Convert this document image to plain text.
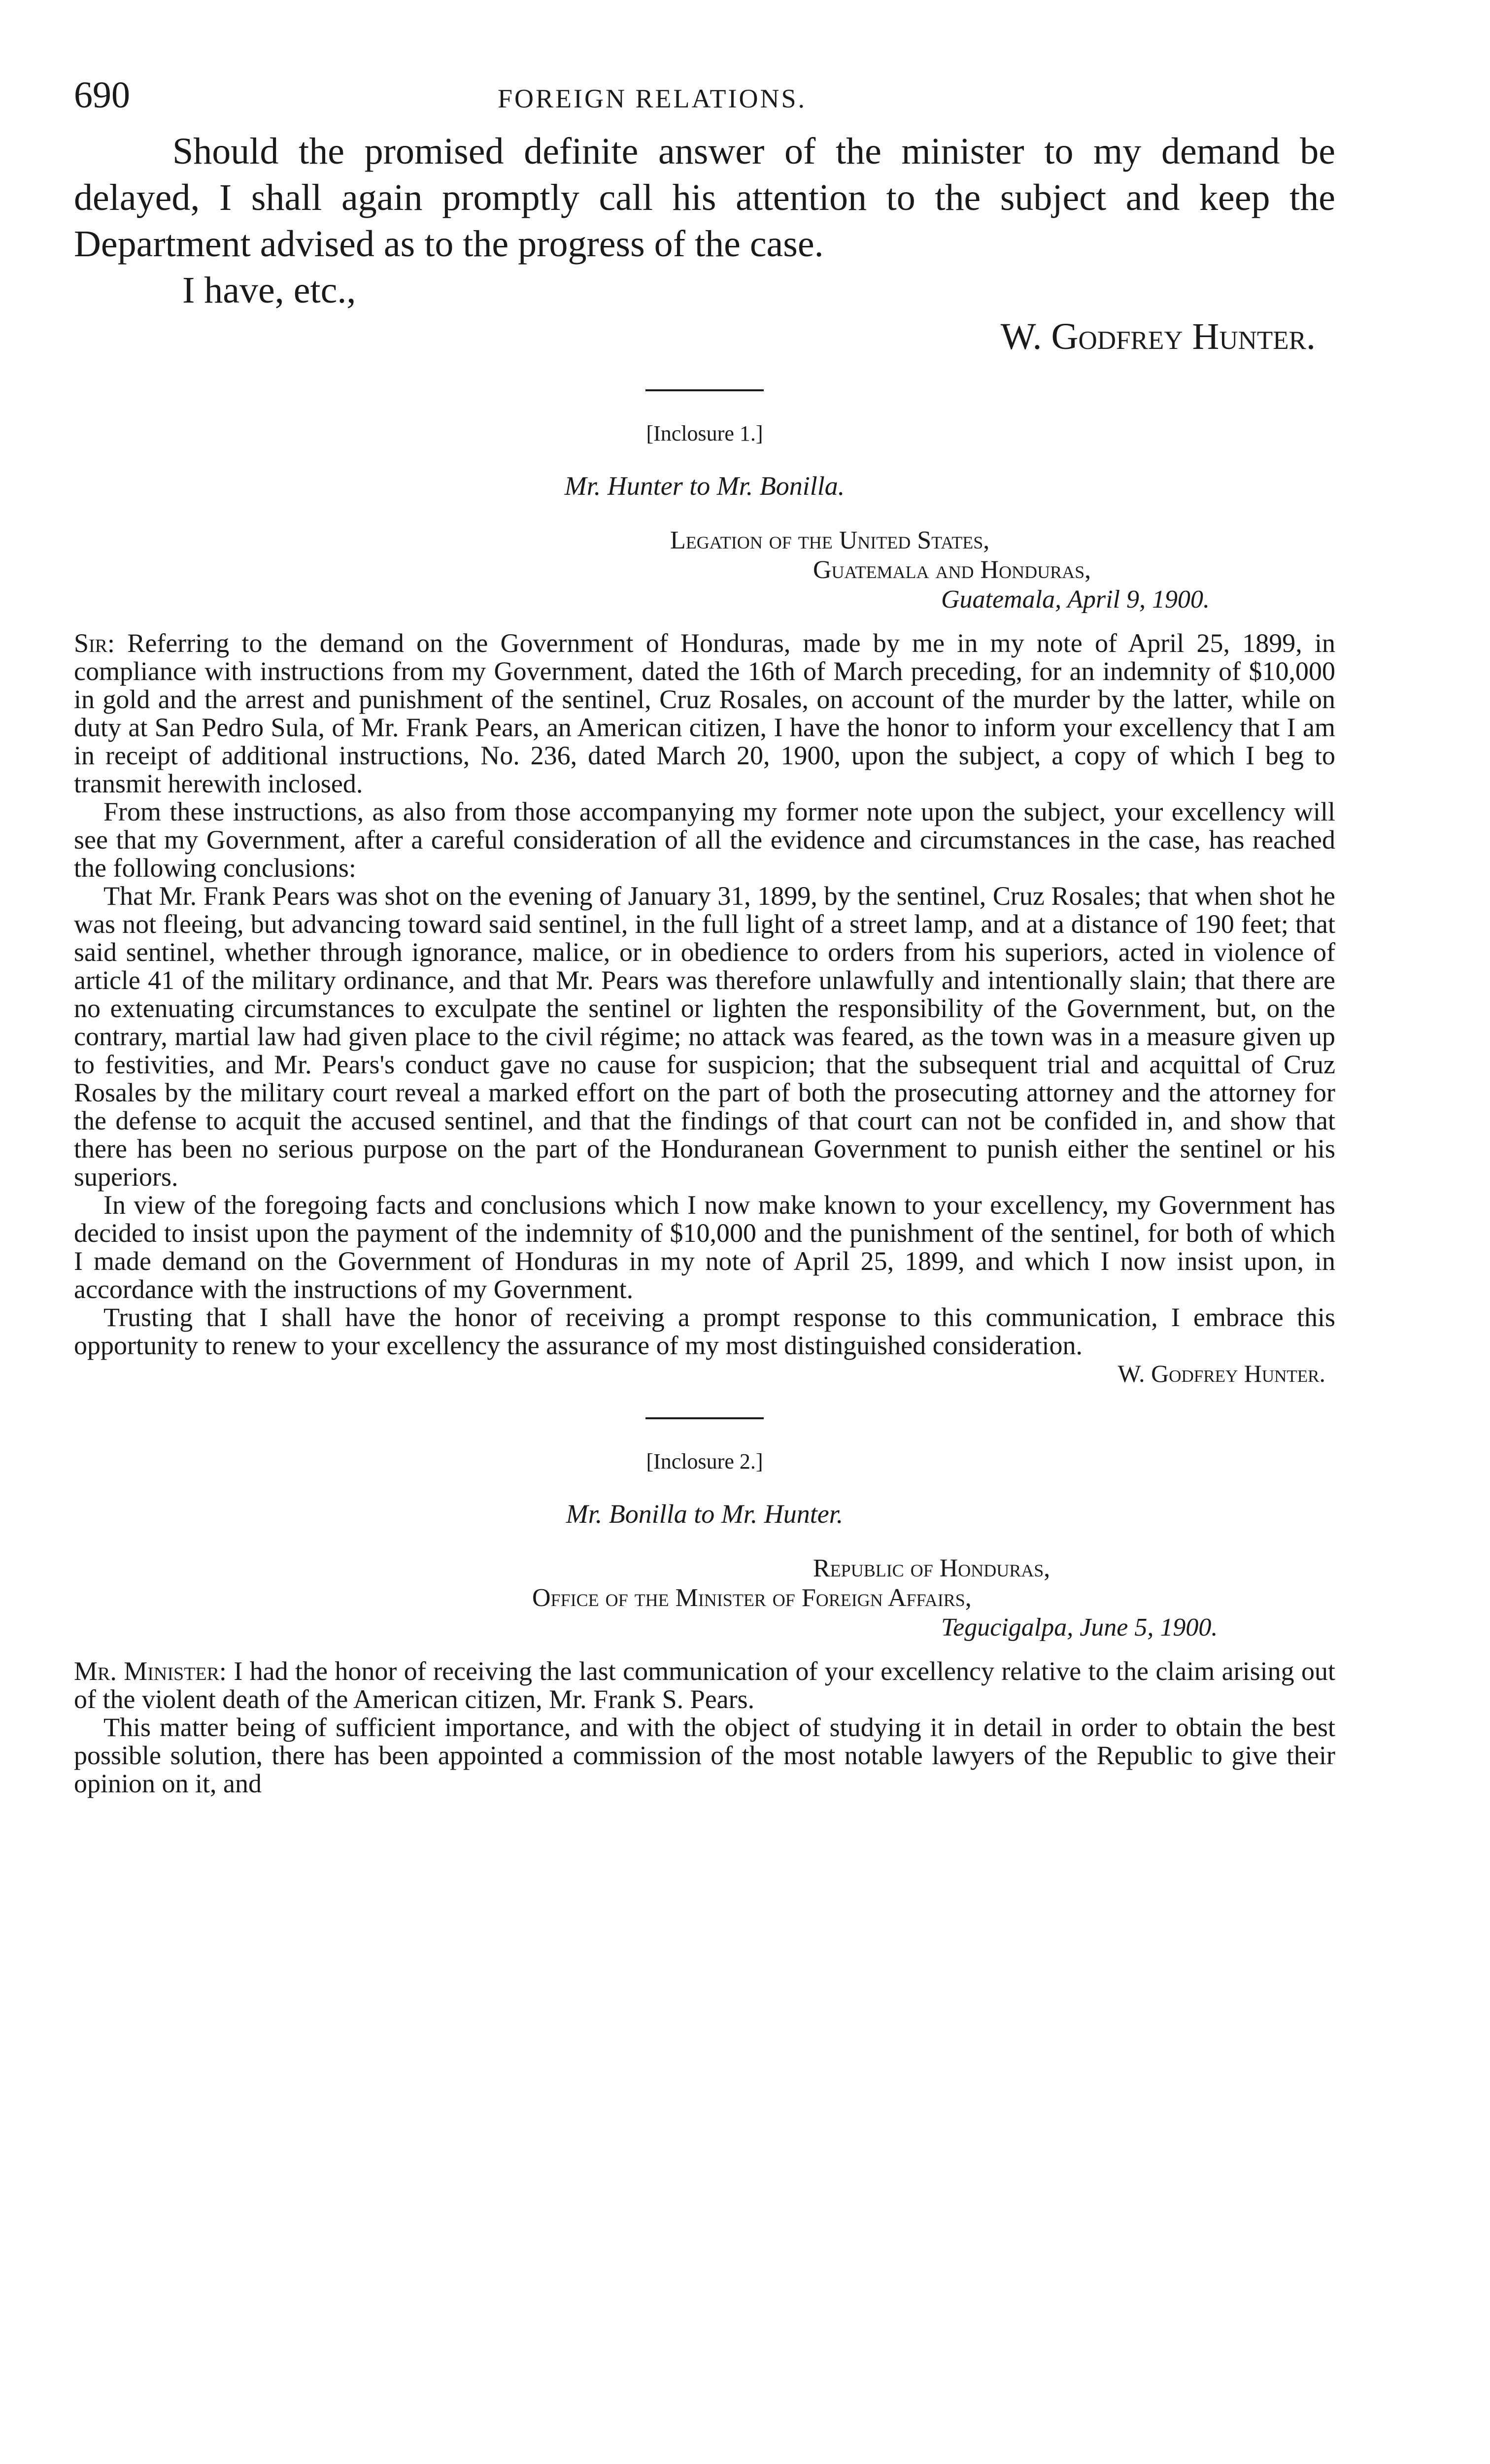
690	FOREIGN RELATIONS.

Should the promised definite answer of the minister to my demand be delayed, I shall again promptly call his attention to the subject and keep the Department advised as to the progress of the case.

I have, etc.,

W. Godfrey Hunter.

[Inclosure 1.]

Mr. Hunter to Mr. Bonilla.

Legation of the United States,

Guatemala and Honduras,

Guatemala, April 9, 1900.

Sir: Referring to the demand on the Government of Honduras, made by me in my note of April 25, 1899, in compliance with instructions from my Government, dated the 16th of March preceding, for an indemnity of $10,000 in gold and the arrest and punishment of the sentinel, Cruz Rosales, on account of the murder by the latter, while on duty at San Pedro Sula, of Mr. Frank Pears, an American citizen, I have the honor to inform your excellency that I am in receipt of additional instructions, No. 236, dated March 20, 1900, upon the subject, a copy of which I beg to transmit herewith inclosed.

From these instructions, as also from those accompanying my former note upon the subject, your excellency will see that my Government, after a careful consideration of all the evidence and circumstances in the case, has reached the following conclusions:

That Mr. Frank Pears was shot on the evening of January 31, 1899, by the sentinel, Cruz Rosales; that when shot he was not fleeing, but advancing toward said sentinel, in the full light of a street lamp, and at a distance of 190 feet; that said sentinel, whether through ignorance, malice, or in obedience to orders from his superiors, acted in violence of article 41 of the military ordinance, and that Mr. Pears was therefore unlawfully and intentionally slain; that there are no extenuating circumstances to exculpate the sentinel or lighten the responsibility of the Government, but, on the contrary, martial law had given place to the civil régime; no attack was feared, as the town was in a measure given up to festivities, and Mr. Pears's conduct gave no cause for suspicion; that the subsequent trial and acquittal of Cruz Rosales by the military court reveal a marked effort on the part of both the prosecuting attorney and the attorney for the defense to acquit the accused sentinel, and that the findings of that court can not be confided in, and show that there has been no serious purpose on the part of the Honduranean Government to punish either the sentinel or his superiors.

In view of the foregoing facts and conclusions which I now make known to your excellency, my Government has decided to insist upon the payment of the indemnity of $10,000 and the punishment of the sentinel, for both of which I made demand on the Government of Honduras in my note of April 25, 1899, and which I now insist upon, in accordance with the instructions of my Government.

Trusting that I shall have the honor of receiving a prompt response to this communication, I embrace this opportunity to renew to your excellency the assurance of my most distinguished consideration.

W. Godfrey Hunter.

[Inclosure 2.]

Mr. Bonilla to Mr. Hunter.

Republic of Honduras,

Office of the Minister of Foreign Affairs,

Tegucigalpa, June 5, 1900.

Mr. Minister: I had the honor of receiving the last communication of your excellency relative to the claim arising out of the violent death of the American citizen, Mr. Frank S. Pears.

This matter being of sufficient importance, and with the object of studying it in detail in order to obtain the best possible solution, there has been appointed a commission of the most notable lawyers of the Republic to give their opinion on it, and
